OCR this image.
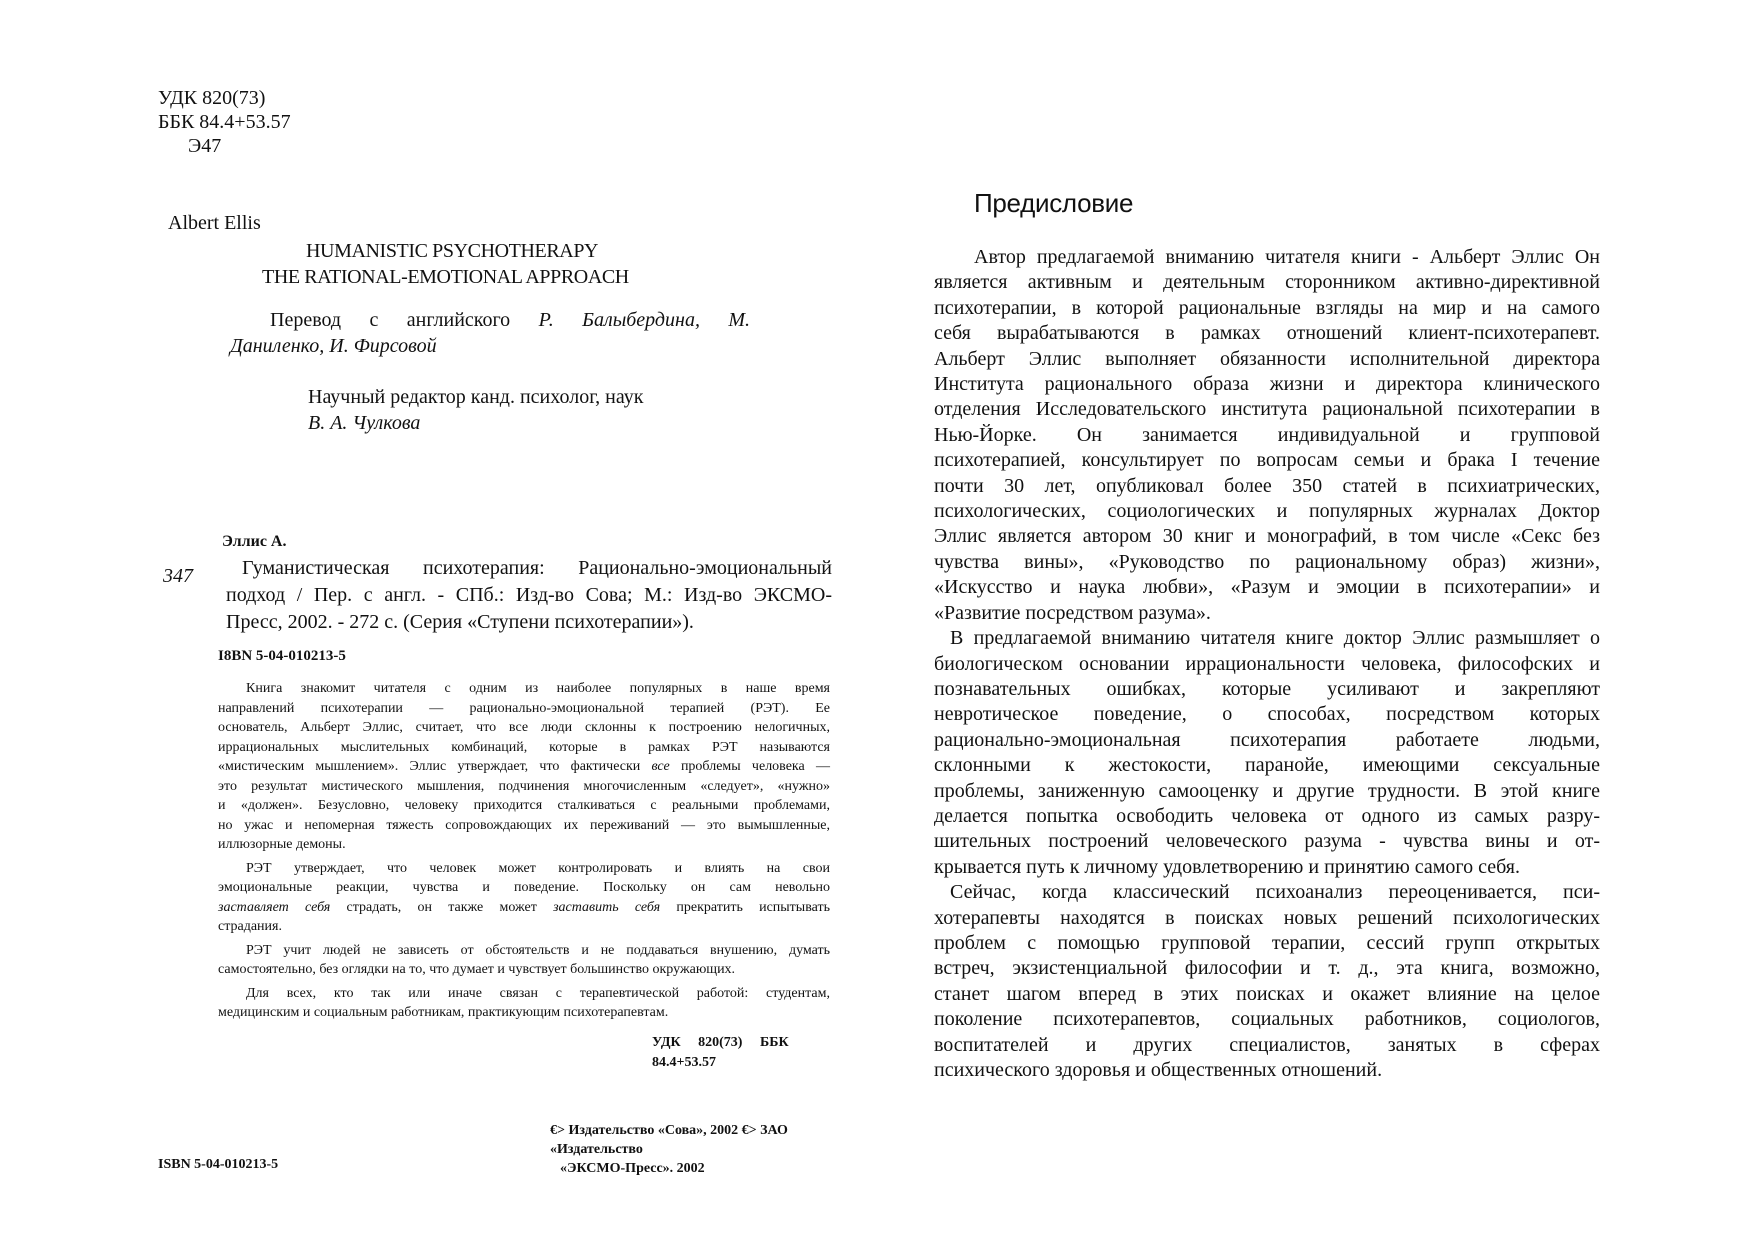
УДК 820(73)
ББК 84.4+53.57
Э47
Albert Ellis
HUMANISTIC PSYCHOTHERAPY
THE RATIONAL-EMOTIONAL APPROACH
Перевод с английского Р. Балыбердина, М.
Даниленко, И. Фирсовой
Научный редактор канд. психолог, наук
В. А. Чулкова
Эллис А.
347	Гуманистическая психотерапия: Рационально-эмоциональный
подход / Пер. с англ. - СПб.: Изд-во Сова; М.: Изд-во ЭКСМО-
Пресс, 2002. - 272 с. (Серия «Ступени психотерапии»).
I8BN 5-04-010213-5
Книга знакомит читателя с одним из наиболее популярных в наше время
направлений психотерапии — рационально-эмоциональной терапией (РЭТ). Ее
основатель, Альберт Эллис, считает, что все люди склонны к построению нелогичных,
иррациональных мыслительных комбинаций, которые в рамках РЭТ называются
«мистическим мышлением». Эллис утверждает, что фактически все проблемы человека —
это результат мистического мышления, подчинения многочисленным «следует», «нужно»
и «должен». Безусловно, человеку приходится сталкиваться с реальными проблемами,
но ужас и непомерная тяжесть сопровождающих их переживаний — это вымышленные,
иллюзорные демоны.
РЭТ утверждает, что человек может контролировать и влиять на свои
эмоциональные реакции, чувства и поведение. Поскольку он сам невольно
заставляет себя страдать, он также может заставить себя прекратить испытывать
страдания.
РЭТ учит людей не зависеть от обстоятельств и не поддаваться внушению, думать
самостоятельно, без оглядки на то, что думает и чувствует большинство окружающих.
Для всех, кто так или иначе связан с терапевтической работой: студентам,
медицинским и социальным работникам, практикующим психотерапевтам.
УДК     820(73)     ББК
84.4+53.57
€> Издательство «Сова», 2002 €> ЗАО
«Издательство
«ЭКСМО-Пресс». 2002
ISBN 5-04-010213-5
Предисловие
Автор предлагаемой вниманию читателя книги - Альберт Эллис Он
является активным и деятельным сторонником активно-директивной
психотерапии, в которой рациональные взгляды на мир и на самого
себя вырабатываются в рамках отношений клиент-психотерапевт.
Альберт Эллис выполняет обязанности исполнительной директора
Института рационального образа жизни и директора клинического
отделения Исследовательского института рациональной психотерапии в
Нью-Йорке. Он занимается индивидуальной и групповой
психотерапией, консультирует по вопросам семьи и брака I течение
почти 30 лет, опубликовал более 350 статей в психиатрических,
психологических, социологических и популярных журналах Доктор
Эллис является автором 30 книг и монографий, в том числе «Секс без
чувства вины», «Руководство по рациональному образ) жизни»,
«Искусство и наука любви», «Разум и эмоции в психотерапии» и
«Развитие посредством разума».
В предлагаемой вниманию читателя книге доктор Эллис размышляет о
биологическом основании иррациональности человека, философских и
познавательных ошибках, которые усиливают и закрепляют
невротическое поведение, о способах, посредством которых
рационально-эмоциональная психотерапия работаете людьми,
склонными к жестокости, паранойе, имеющими сексуальные
проблемы, заниженную самооценку и другие трудности. В этой книге
делается попытка освободить человека от одного из самых разру-
шительных построений человеческого разума - чувства вины и от-
крывается путь к личному удовлетворению и принятию самого себя.
Сейчас, когда классический психоанализ переоценивается, пси-
хотерапевты находятся в поисках новых решений психологических
проблем с помощью групповой терапии, сессий групп открытых
встреч, экзистенциальной философии и т. д., эта книга, возможно,
станет шагом вперед в этих поисках и окажет влияние на целое
поколение психотерапевтов, социальных работников, социологов,
воспитателей и других специалистов, занятых в сферах
психического здоровья и общественных отношений.
